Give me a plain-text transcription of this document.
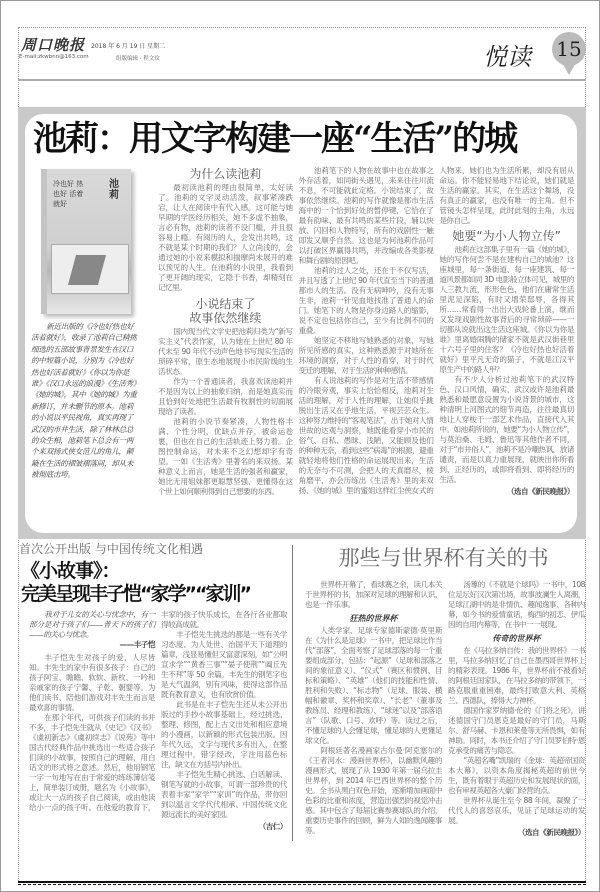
周口晚报 2018 年 6 月 19 日 星期二
E-mail:zkwbnn@163.com	组版编辑 · 程文玟	悦读 15
池莉：用文字构建一座“生活”的城
冷也好 热也好 活着就好
池莉

新近出版的《冷也好热也好活着就好》，收录了池莉自己精挑细选的五部故事背景发生在汉口的中短篇小说，分别为《冷也好热也好活着就好》《你以为你是谁》《汉口永远的浪漫》《生活秀》《她的城》，其中《她的城》为重新修订，并未删节的原本。池莉的小说以平民视角，真实再现了武汉的市井生活，除了林林总总的众生相，池莉笔下总会有一两个来双扬式侠女范儿的角儿，颠簸在生活的褶皱褶落间，却从未被彻底击垮。

为什么读池莉

最初读池莉的理由很简单，太好读了。池莉的文字灵动活泼，叙事紧凑跌宕，让人在阅读中有代入感。这可能与她早期的学医经历相关，她不多虚不抽象，言必有物，池莉的读者不设门槛，并且很容易上瘾。有阅历的人，会发出共鸣，这不就是某个时期的我们？人立尚浅的，会通过她的小说来模拟和揣摩尚未展开的难以预见的人生。在池莉的小说里，我看到了更开阔的现实，它隐于书香，却精刻在记忆里。

小说结束了
故事依然继续

国内现当代文学史把池莉归类为“新写实主义”代表作家，认为她在上世纪 80 年代末至 90 年代不动声色地书写现实生活的琐碎平常，原生态地展现小市民阶级的生活状态。

作为一个普通读者，我喜欢读池莉并不是因为以上的抽象归纳，而是她真实而且恰到好处地把生活最有牧割性的切面展现给了读者。

池莉的小说节奏紧凑，人物性格丰满、个性分明，优缺点并存，被命运卷裹，但也在自己的生活轨迹上努力着。企图控制命运，对未来不乏幻想却字有奇望。一如《生活秀》里著名的来双扬。某种意义上而言，她是生活的强者和赢家，她比无用姐妹都更聪慧坚强、更懂得在这个世上如何顺利得到自己想要的东西。

池莉笔下的人物在故事中也在故事之外存活着，如同街头遇见，来来往往川流不息，不可能就此定格。小说结束了，故事依然继续。池莉的写作就像是都市生活海中的一个恰到好处的暂停键，它恰在了最有韵味、最有共鸣的某些片段，辅以快放、闪回和人物特写，所有的戏剧性一触即发又顺乎自然。这也是为何池莉作品可以打破区界赢得共鸣，并改编成各类影视和舞台剧的原因吧。

池莉的过人之处，还在于不仅写活，并且写透了上世纪 90 年代直至当下的普通都市人的生活。没有无病呻吟，没有无事生非，池莉一针见血地找准了普通人的命门。她笔下的人物是你身边路人的缩影，说不定也包括你自己，至少有比例不同的重叠。

她坚定不移地写她熟悉的对象，写她所见所感的真实，这种熟悉源于对她所在环境的洞察，对于人性的看穿，对于时代变迁的理解，对于生活的种种感悟。

有人说池莉的写作是对生活不带感情的冷眼旁观，事实上恰恰相反，池莉对生活的理解，对于人性的理解，让她似乎跳脱出生活又在乎地生活，平视芸芸众生。这种努力维持的“客观笔法”，出于她对人情世故的达观与洞察，她既能看穿小市民的俗气、自私、愚昧、浅陋，又能顾及他们的种种无奈，看到这些“病毒”的根源，避重就轻地将他们性格的命运展现出来，生活的无奈与不可测，会把人的天真磨尽，棱角磨平，亦会历练出《生活秀》里的来双扬、《她的城》里的蜜姐这样红尘侠女式的人物来，她们也为生活所累，却没有屈从命运。你不能轻易地下结论说，她们就是生活的赢家。其实，在生活这个舞场，没有真正的赢家，也没有唯一的主角。但不管镜头怎样呈现，此时此刻的主角，永远是你自己。

她要“为小人物立传”

池莉在这部集子里有一篇《她的城》，她的写作何尝不是在建构自己的城池？这座城里，每一条街道、每一座建筑、每一道风景都如同 3D 电影般立体可见，城里的人三教九流，形形色色，他们在庸常生活里泥足深陷，有时又增荣邸辱，各得其所……常看得一出出大戏轮番上演，继而又发现戏剧性故事背后的寻常琐碎——一切都从说就出这生活这座城。《你以为你是谁》里离婚闹腾的储家不就是武汉街巷里十六号子里的住客？《冷也好热也好活着就好》里平凡无奇的猫子，不就是江汉平原生产中的路人甲？

有不少人分析过池莉笔下的武汉特色、汉口风情，确实，武汉或许是池莉最熟悉和最愿意设置为小说背景的城市，这种清明上河图式的细节再造，往往最真切地让人穿梭于一部艺术作品，直接代入其中。如池莉所说的，她要“为小人物立传”，与莫泊桑、毛姆、鲁迅等其他作者不同，对于“市井俗人”，池莉不是冷嘲热讽，放诸谴责，而是以真力重展现，就映出你所看到、正经历的，或即将看到、即将经历的生活。

（选自《新民晚报》）
首次公开出版 与中国传统文化相遇
《小故事》：
完美呈现丰子恺“家学”“家训”

我对于儿女的关心与忧念中，有一部分是对于孩子们——普天下的孩子们——的关心与忧念。

——丰子恺

丰子恺先生对孩子的爱，人尽皆知。丰先生的家中有很多孩子：自己的孩子阿宝、瞻瞻、软软、新枚、一吟和亲戚家的孩子宁馨、子乾、朝婴等。为他们读书、陪他们游戏对丰先生而言是最欢喜的事情。

在那个年代，可供孩子们读的书并不多，丰子恺先生就从《史记》《汉书》《虞初新志》《虞初续志》《说苑》等中国古代经典作品中挑选出一些适合孩子们读的小故事，按照自己的理解，用白话文的形式将之意述。然后，他用钢笔一字一句地写在由于常爱的练练簿信笺上，简单装订成册，题名为《小故事》，或让大一点的孩子自己阅读，或由他读给小一点的孩子听。在他爱的教育下，丰家的孩子快乐成长，在各行各业都取得较高成就。

丰子恺先生挑选的都是一些有关学习态度、为人处世、治国平天下道理的篇章，浅显易懂但又富意深刻，如“公明宣求学”“黄香三事”“晏子使荆”“阖丘先生不拜”等 50 余篇。丰先生的钢笔字也是大气温润，别有风味，使得这部作品既有教育意义，也有欣赏价值。

此书是在丰子恺先生还从未公开出版过的手抄小故事基础上，经过挑选、整理、修图，配上古文出处和相应意境的小漫画，以新颖的形式包装出版。因年代久远，文字与现代多有出入，在整理过程中，错字经改，字注用蓝色标注，缺文在方括号内补出。

丰子恺先生精心挑选、白话解读、钢笔写就的小故事，可谓一部珍贵的代表着丰家“家学”“家训”的作品，带你回到以温言文学代代相承、中国传统文化源远流长的美好家园。

（吉仁）
那些与世界杯有关的书

世界杯开幕了，看球赛之余，读几本关于世界杯的书，加深对足球的理解和认识，也是一件乐事。

狂热的世界杯

人类学家、足球专家德斯蒙德·莫里斯在《为什么是足球》一书中，把足球比作当代“部落”，全面考察了足球部落的每一个重要组成部分，包括：“起源”（足球和部落之间的象征意义）、“仪式”（赛区和惯例、目标和策略）、“英雄”（他们的技能和性情、胜利和失败）、“标志物”（足球、服装、横幅和徽章、奖杯和奖章）、“长老”（董事及教练员、经理和教练）、“球迷”以及“部落语言”（队歌、口号、欢呼）等。读过之后，不懂足球的人会懂足球，懂足球的人更懂足球文化。

阿根廷著名漫画家古尔曼·阿克塞尔的《王者河水：漫画世界杯》，以幽默风趣的漫画形式，展现了从 1930 年第一届乌拉圭世界杯，到 2014 年巴西世界杯的整个历史。全书从黑白双色开始，逐渐增加画面中色彩的比重和浓度，营造出强烈的视觉冲击感。其中包含了每届比赛参赛球队的介绍，重要历史事件的回顾，鲜为人知的逸闻趣事等。

汤蓴的《不就是个球吗》一书中，108 位足坛好汉次第出场，故事波澜生人离潮，足球江湖中的是非情仇、趣闻逸事、各种内幕，如今书的爱情童话，梅西的初恋、伊瓜因的自用内幕等，在书中一一展现。

传奇的世界杯

在《马拉多纳自传：我的世界杯》一书里，马拉多纳回忆了自己在墨西哥世界杯上的精彩表现。1986 年，世界杯前不被看好的阿根廷国家队，在马拉多纳的带领下，一路克服重重困难，最终打败意大利、英格兰、西德队，捧得大力神杯。

德国作家罗纳德·伦的《门将之死》，讲述德国守门员恩克是最好的守门员，马斯尔、舒马赫、卡恩和莱曼等无所畏惧，如有神助。同时，本书还介绍了守门员罗伯特·恩克承受的痛苦与隐忍。

“英超名嘴”凯瑞的《金球：英超帝国资本大幕》，以资本角度揭秘英超的前世今生，既有着眼于英超历史和发展现状的面，也有审视英超各大豪门经营的点。

世界杯从诞生至今 88 年间，凝聚了一代代人的喜怒哀乐，见证了足球运动的发展。

（选自《新民晚报》）
